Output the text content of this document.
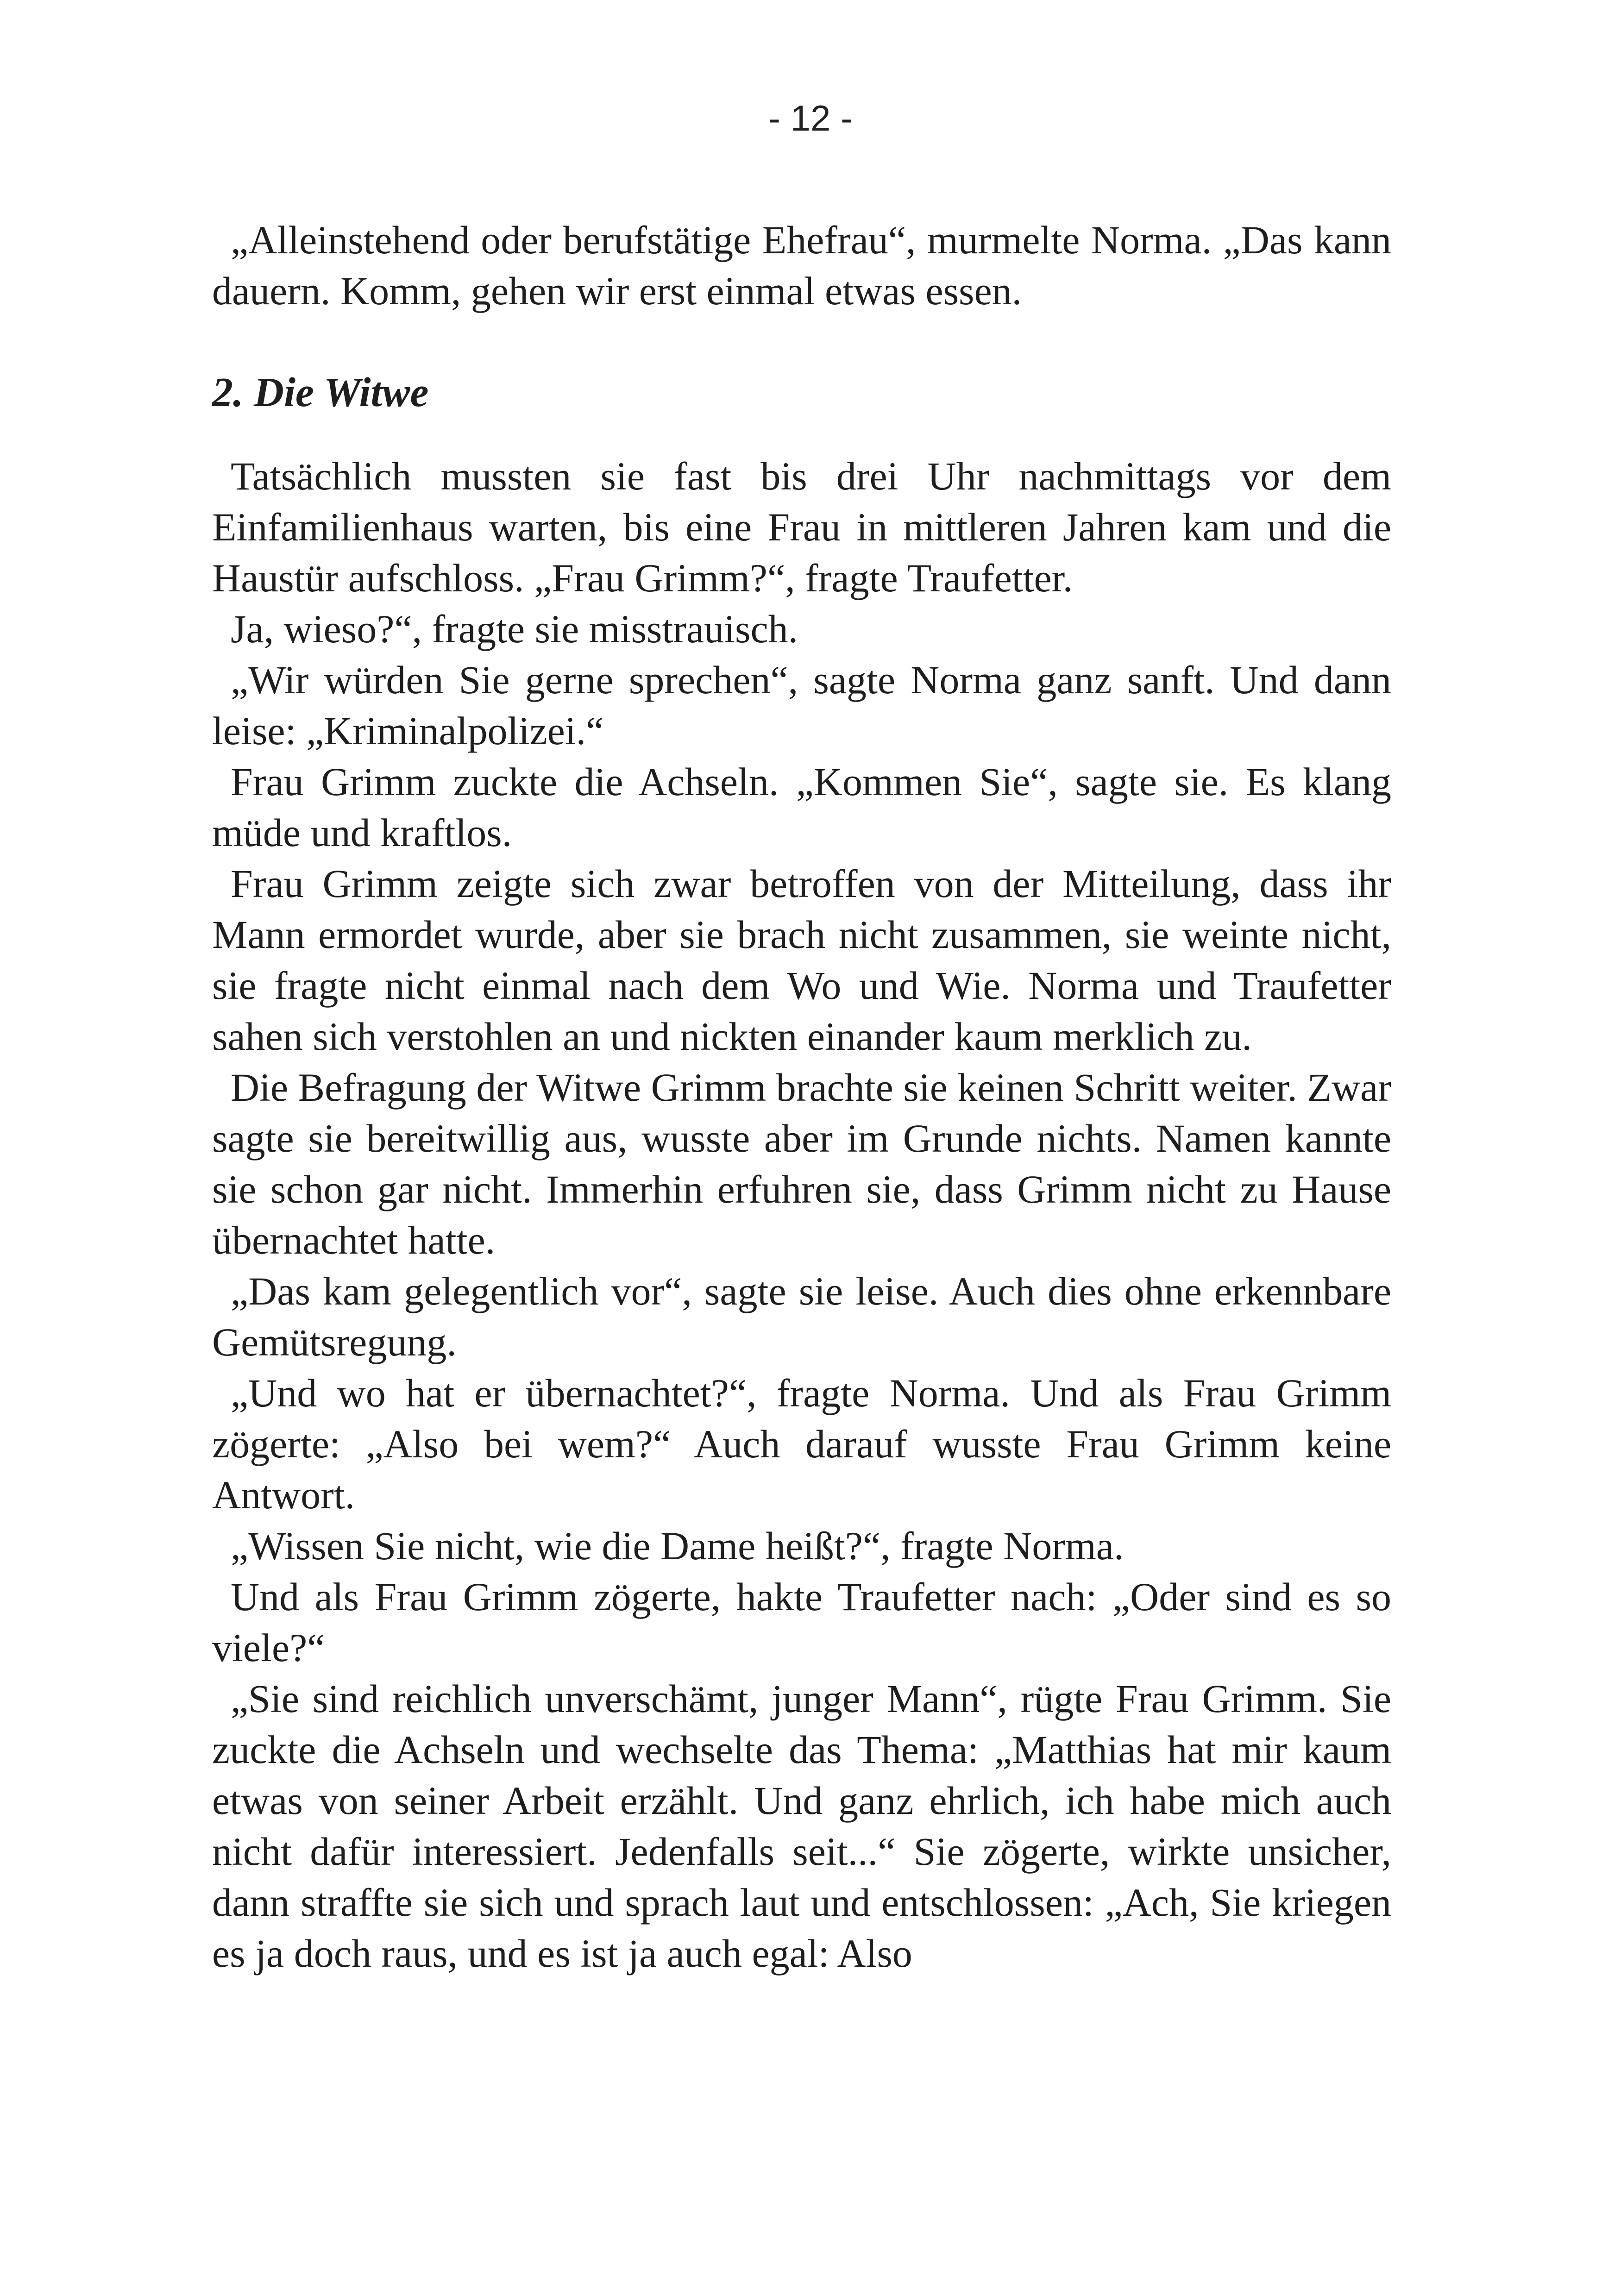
- 12 -

„Alleinstehend oder berufstätige Ehefrau“, murmelte Norma. „Das kann dauern. Komm, gehen wir erst einmal etwas essen.

2. Die Witwe

Tatsächlich mussten sie fast bis drei Uhr nachmittags vor dem Einfamilienhaus warten, bis eine Frau in mittleren Jahren kam und die Haustür aufschloss. „Frau Grimm?“, fragte Traufetter.

Ja, wieso?“, fragte sie misstrauisch.

„Wir würden Sie gerne sprechen“, sagte Norma ganz sanft. Und dann leise: „Kriminalpolizei.“

Frau Grimm zuckte die Achseln. „Kommen Sie“, sagte sie. Es klang müde und kraftlos.

Frau Grimm zeigte sich zwar betroffen von der Mitteilung, dass ihr Mann ermordet wurde, aber sie brach nicht zusammen, sie weinte nicht, sie fragte nicht einmal nach dem Wo und Wie. Norma und Traufetter sahen sich verstohlen an und nickten einander kaum merklich zu.

Die Befragung der Witwe Grimm brachte sie keinen Schritt weiter. Zwar sagte sie bereitwillig aus, wusste aber im Grunde nichts. Namen kannte sie schon gar nicht. Immerhin erfuhren sie, dass Grimm nicht zu Hause übernachtet hatte.

„Das kam gelegentlich vor“, sagte sie leise. Auch dies ohne erkennbare Gemütsregung.

„Und wo hat er übernachtet?“, fragte Norma. Und als Frau Grimm zögerte: „Also bei wem?“ Auch darauf wusste Frau Grimm keine Antwort.

„Wissen Sie nicht, wie die Dame heißt?“, fragte Norma.

Und als Frau Grimm zögerte, hakte Traufetter nach: „Oder sind es so viele?“

„Sie sind reichlich unverschämt, junger Mann“, rügte Frau Grimm. Sie zuckte die Achseln und wechselte das Thema: „Matthias hat mir kaum etwas von seiner Arbeit erzählt. Und ganz ehrlich, ich habe mich auch nicht dafür interessiert. Jedenfalls seit...“ Sie zögerte, wirkte unsicher, dann straffte sie sich und sprach laut und entschlossen: „Ach, Sie kriegen es ja doch raus, und es ist ja auch egal: Also
